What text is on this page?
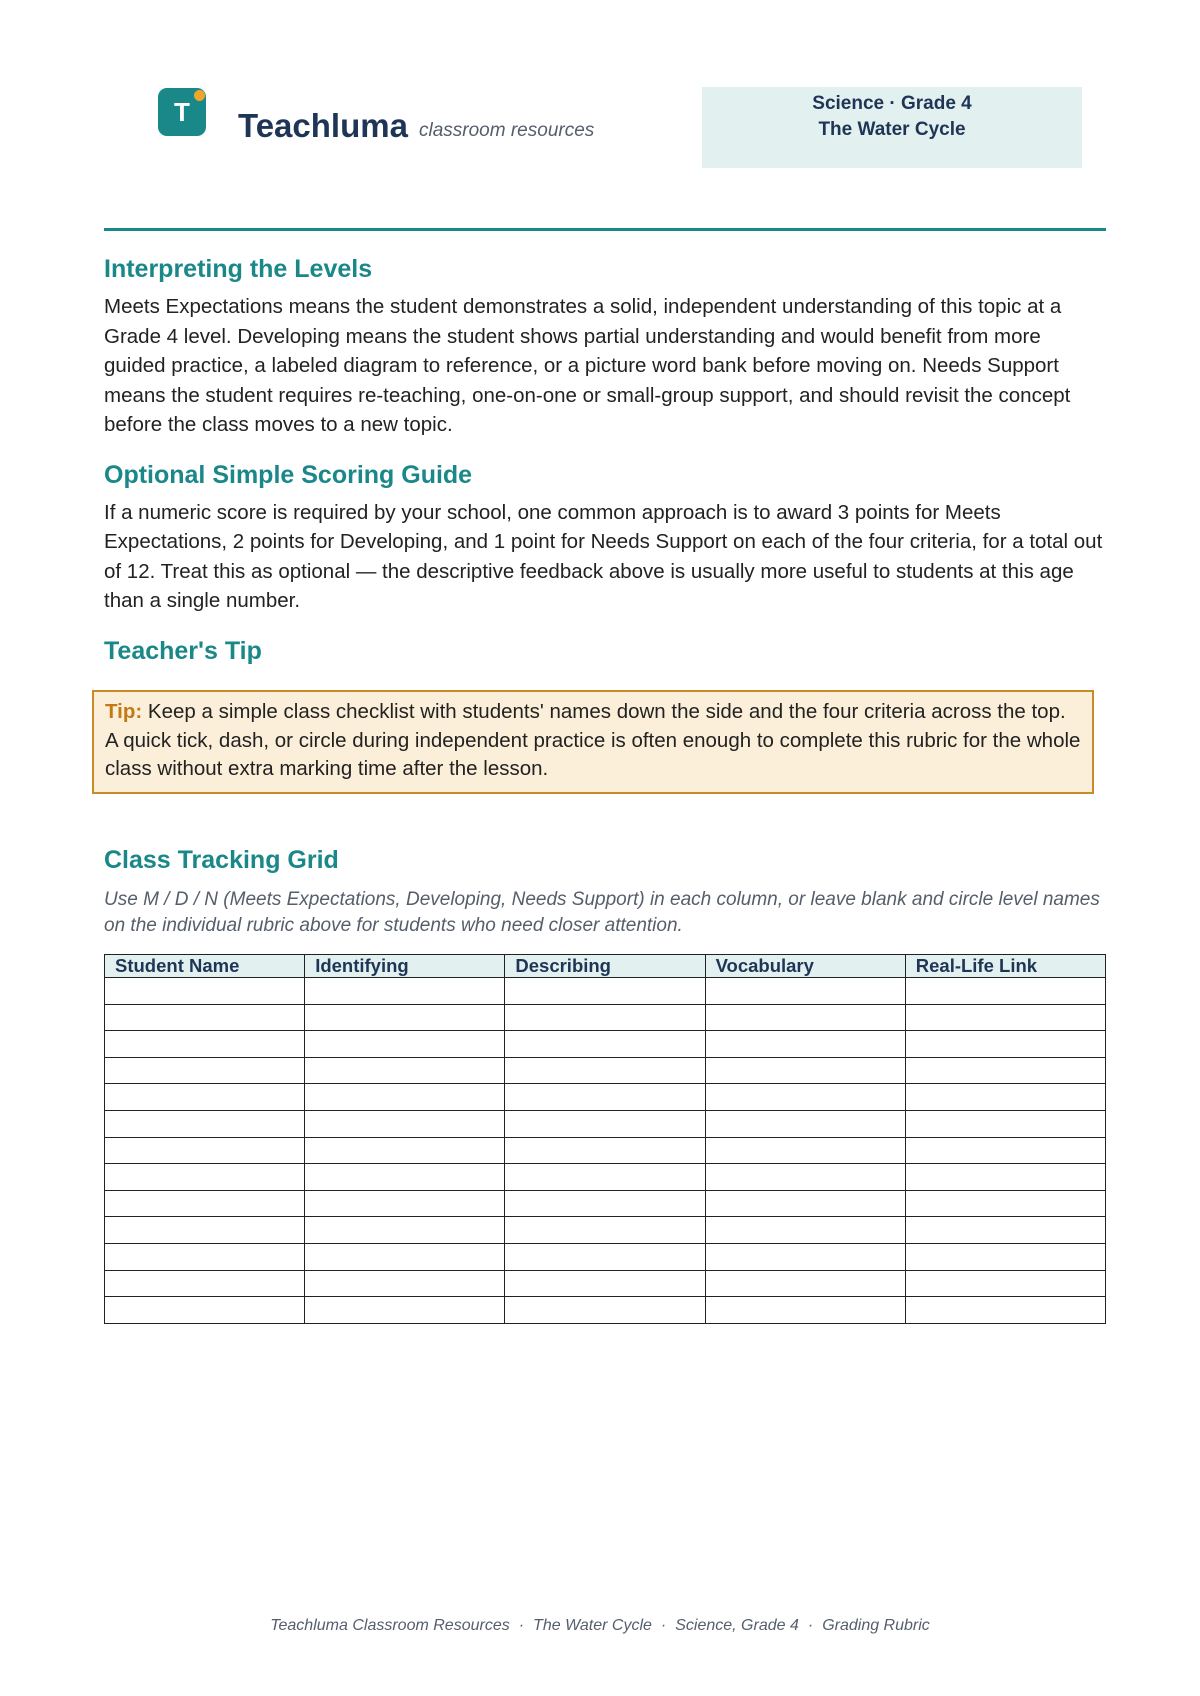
T	Teachluma classroom resources
Science · Grade 4
The Water Cycle
Interpreting the Levels

Meets Expectations means the student demonstrates a solid, independent understanding of this topic at a Grade 4 level. Developing means the student shows partial understanding and would benefit from more guided practice, a labeled diagram to reference, or a picture word bank before moving on. Needs Support means the student requires re-teaching, one-on-one or small-group support, and should revisit the concept before the class moves to a new topic.

Optional Simple Scoring Guide

If a numeric score is required by your school, one common approach is to award 3 points for Meets Expectations, 2 points for Developing, and 1 point for Needs Support on each of the four criteria, for a total out of 12. Treat this as optional — the descriptive feedback above is usually more useful to students at this age than a single number.

Teacher's Tip
Tip: Keep a simple class checklist with students' names down the side and the four criteria across the top. A quick tick, dash, or circle during independent practice is often enough to complete this rubric for the whole class without extra marking time after the lesson.
Class Tracking Grid
Use M / D / N (Meets Expectations, Developing, Needs Support) in each column, or leave blank and circle level names on the individual rubric above for students who need closer attention.
Student Name	Identifying	Describing	Vocabulary	Real-Life Link

Teachluma Classroom Resources · The Water Cycle · Science, Grade 4 · Grading Rubric
